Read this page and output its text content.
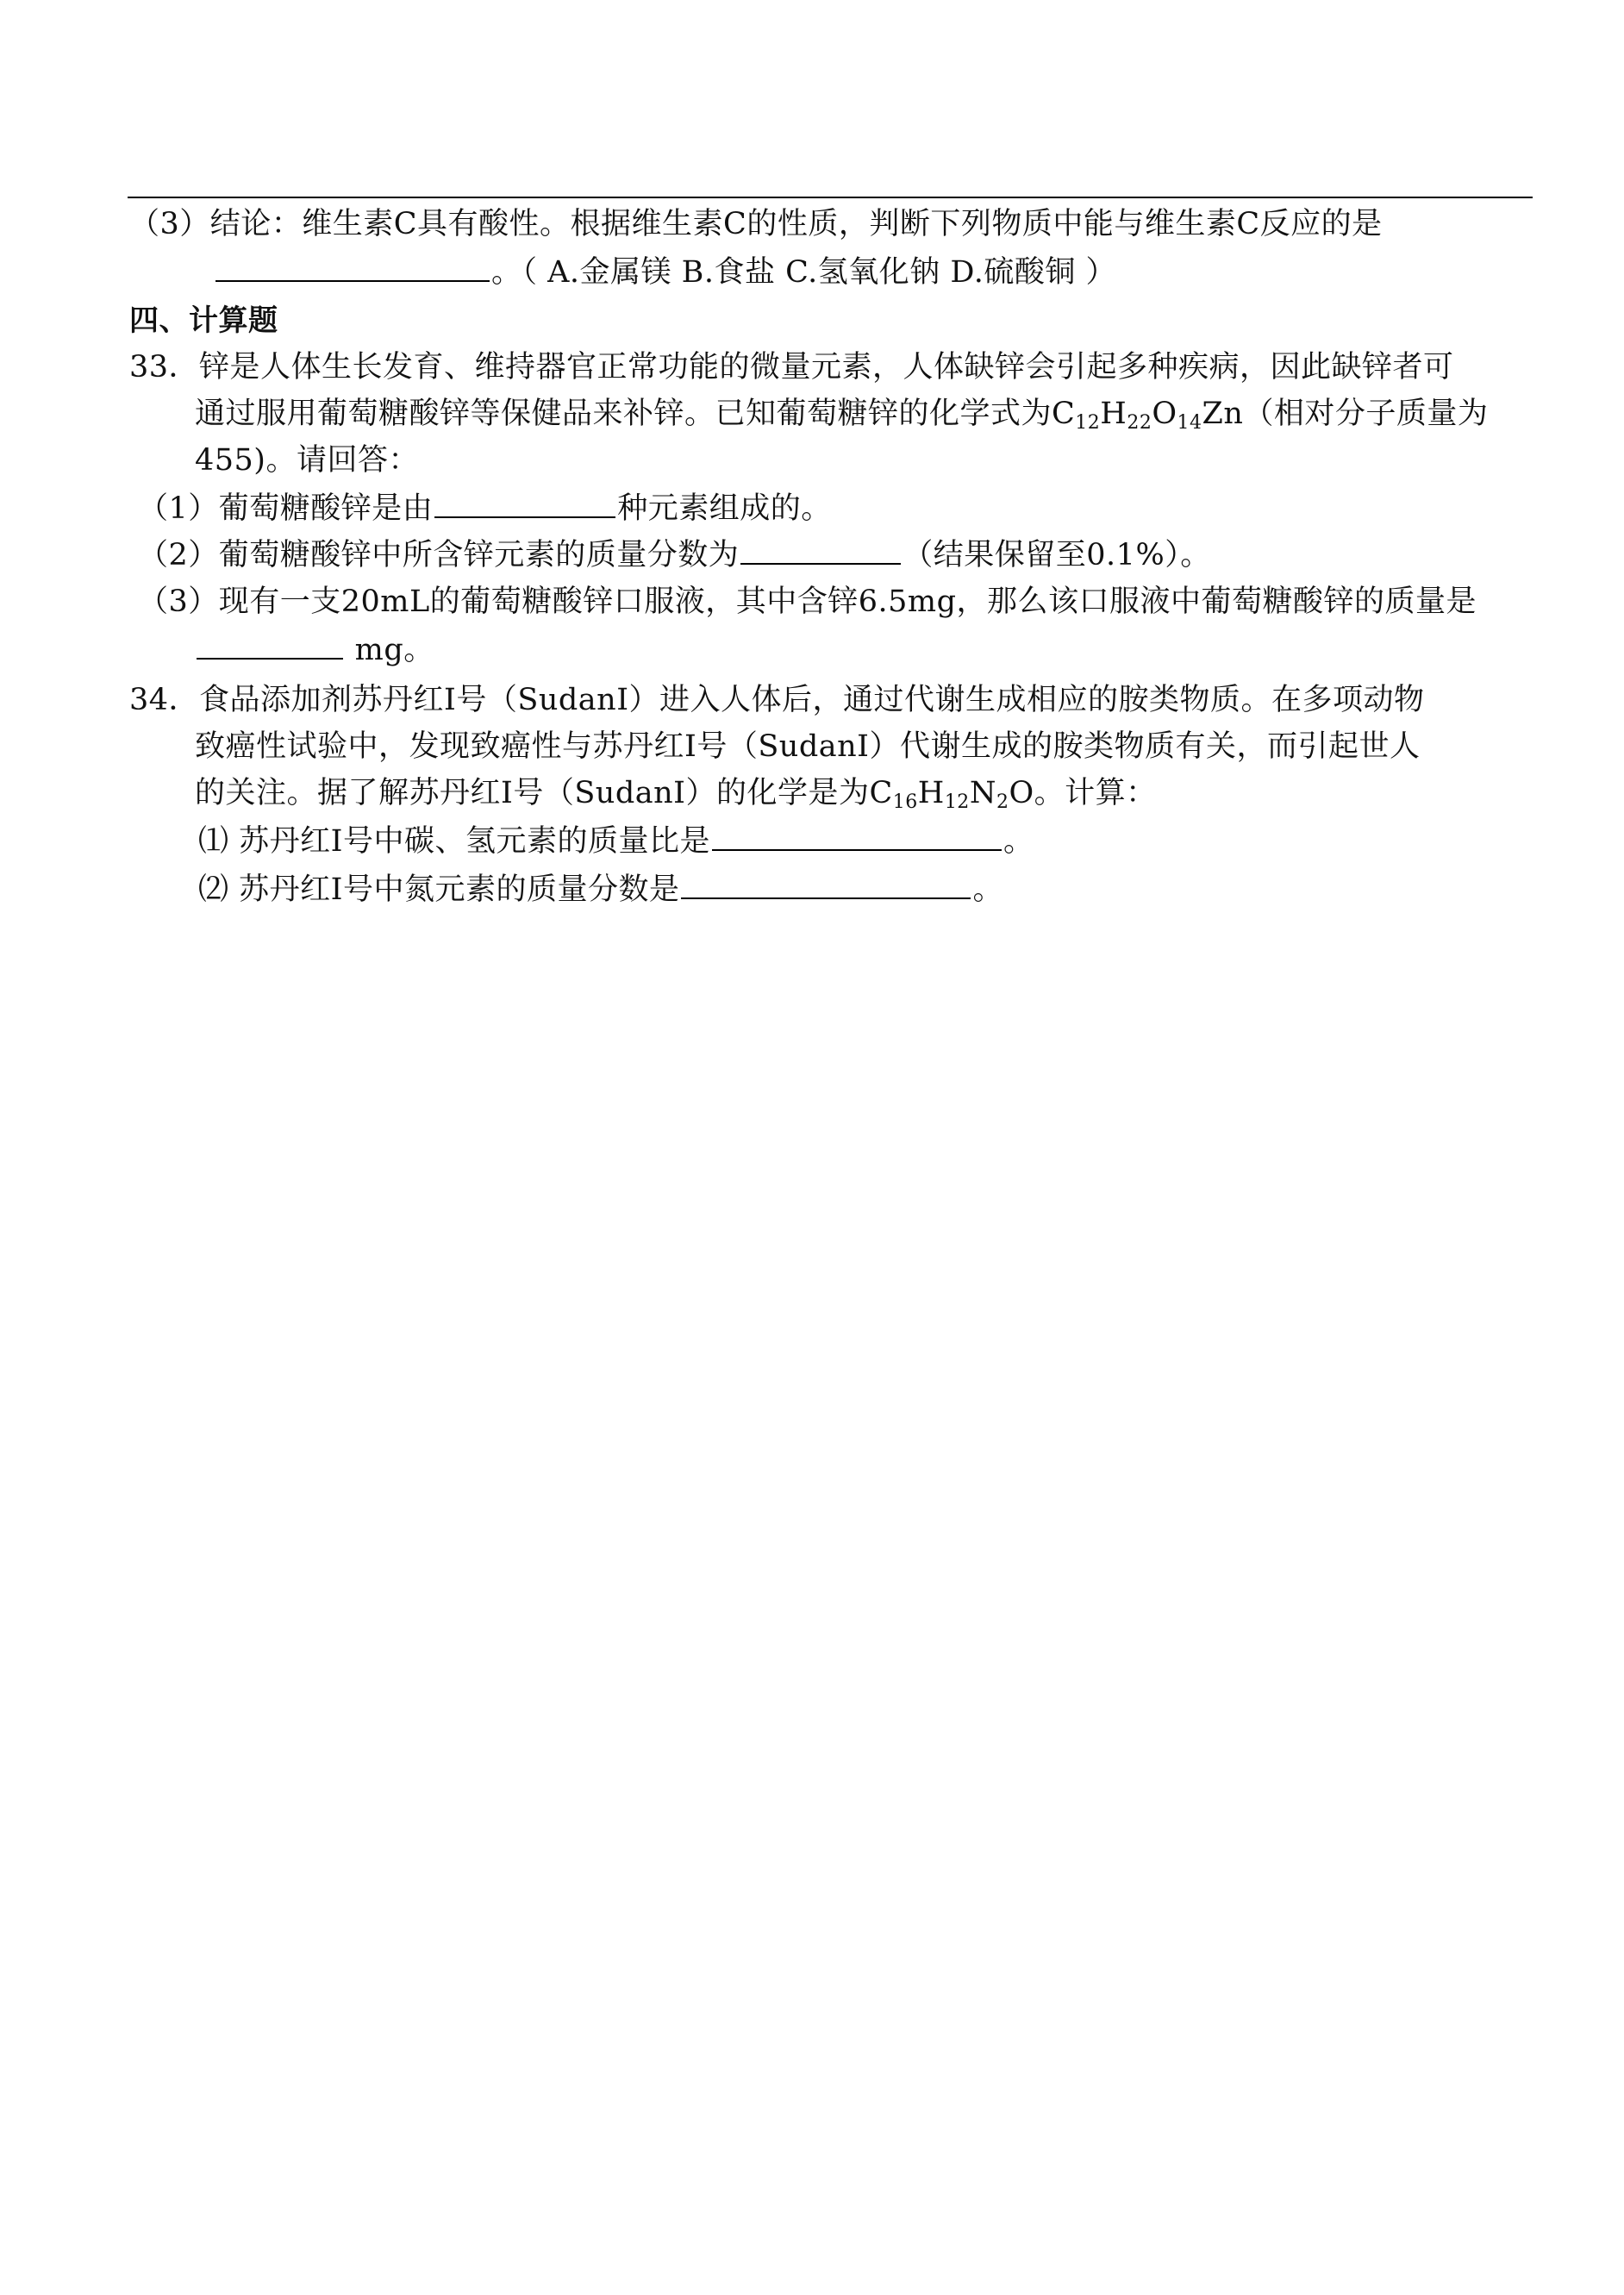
（3）结论：维生素C具有酸性。根据维生素C的性质，判断下列物质中能与维生素C反应的是
。（ A.金属镁 B.食盐 C.氢氧化钠 D.硫酸铜 ）
四、计算题
33．锌是人体生长发育、维持器官正常功能的微量元素，人体缺锌会引起多种疾病，因此缺锌者可
通过服用葡萄糖酸锌等保健品来补锌。已知葡萄糖锌的化学式为$C_{12}H_{22}O_{14}Zn$（相对分子质量为
455)。请回答：
（1）葡萄糖酸锌是由	种元素组成的。
（2）葡萄糖酸锌中所含锌元素的质量分数为	（结果保留至0.1%）。
（3）现有一支20mL的葡萄糖酸锌口服液，其中含锌6.5mg，那么该口服液中葡萄糖酸锌的质量是
mg。
34．食品添加剂苏丹红Ⅰ号（SudanⅠ）进入人体后，通过代谢生成相应的胺类物质。在多项动物
致癌性试验中，发现致癌性与苏丹红Ⅰ号（SudanⅠ）代谢生成的胺类物质有关，而引起世人
的关注。据了解苏丹红Ⅰ号（SudanⅠ）的化学是为$C_{16}H_{12}N_2O$。计算：
⑴ 苏丹红Ⅰ号中碳、氢元素的质量比是	。
⑵ 苏丹红Ⅰ号中氮元素的质量分数是	。
